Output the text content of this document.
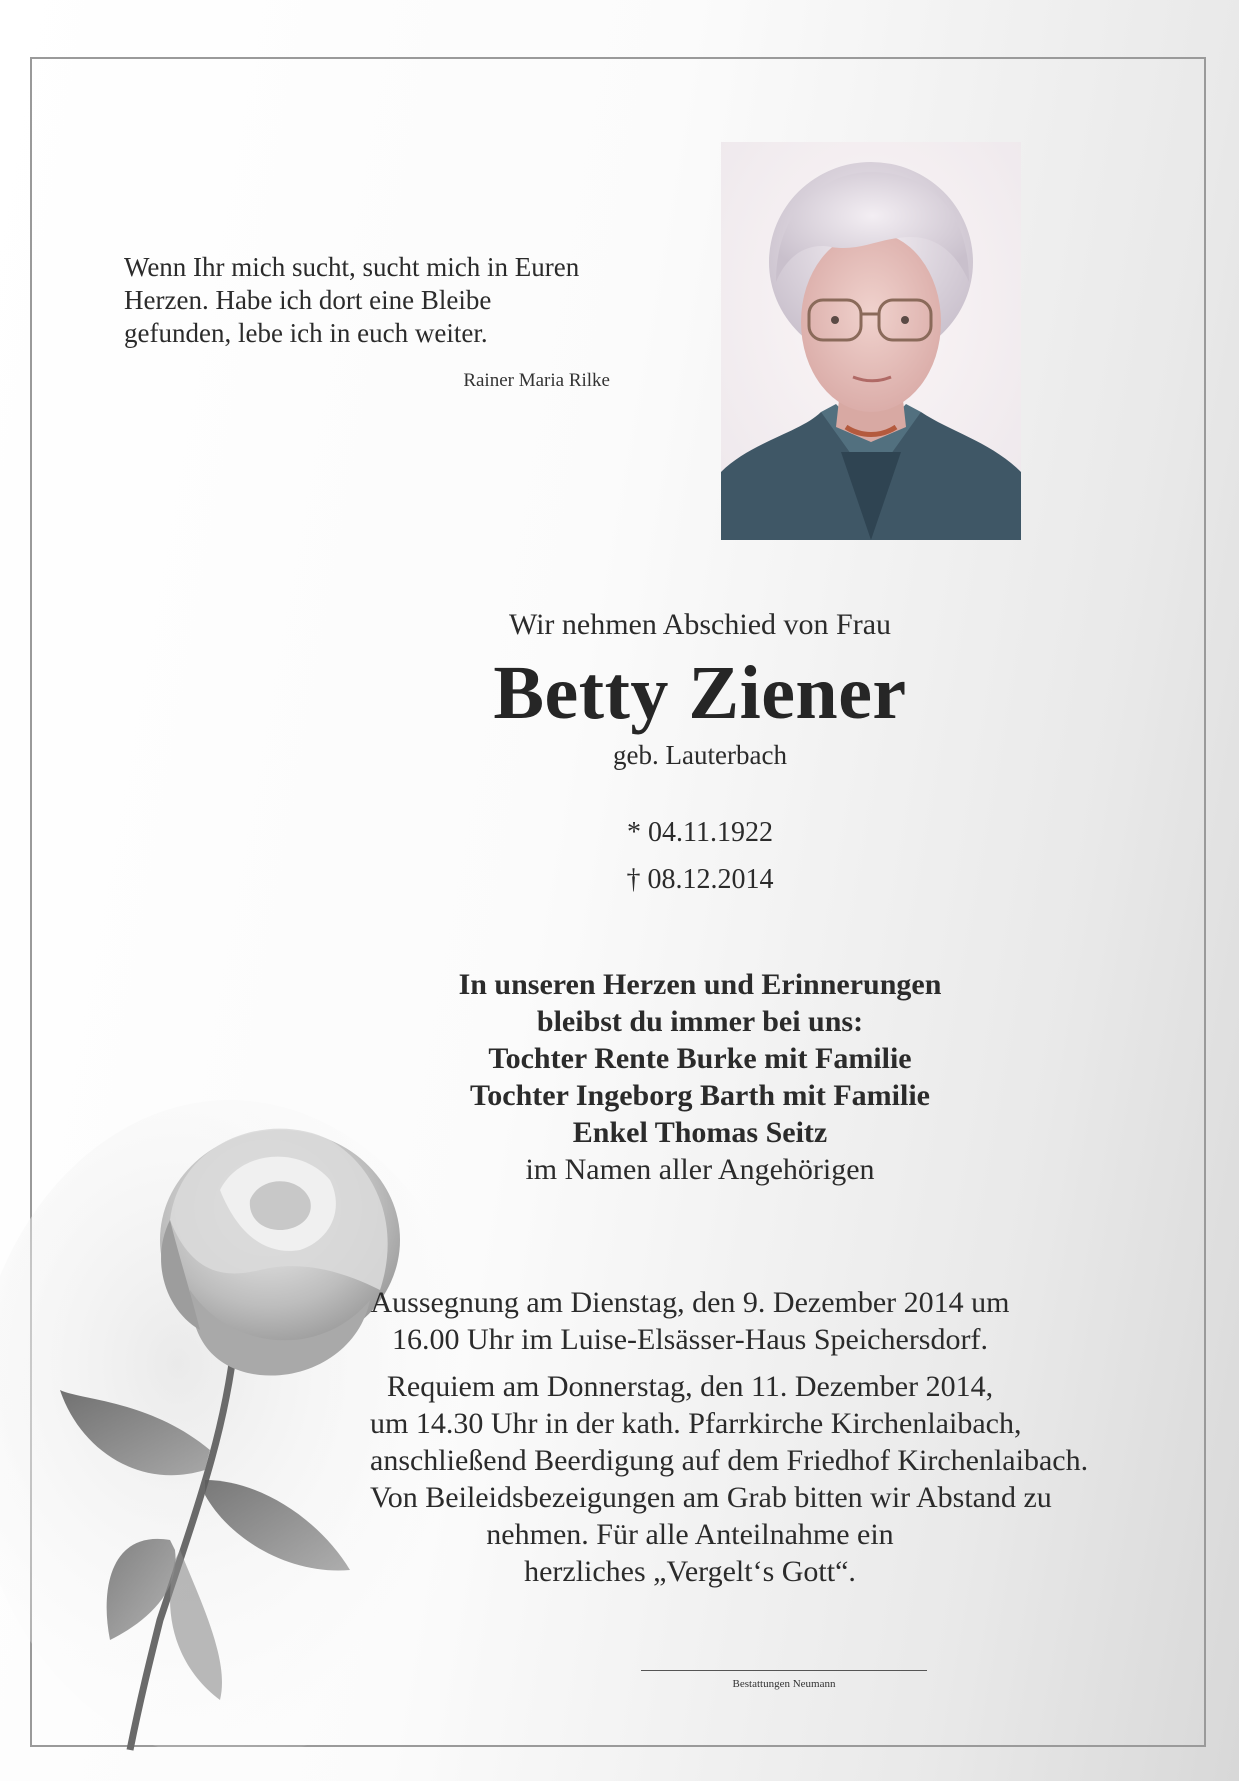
Wenn Ihr mich sucht, sucht mich in Euren
Herzen. Habe ich dort eine Bleibe
gefunden, lebe ich in euch weiter.
Rainer Maria Rilke
Wir nehmen Abschied von Frau
Betty Ziener
geb. Lauterbach
* 04.11.1922
† 08.12.2014
In unseren Herzen und Erinnerungen
bleibst du immer bei uns:
Tochter Rente Burke mit Familie
Tochter Ingeborg Barth mit Familie
Enkel Thomas Seitz
im Namen aller Angehörigen
Aussegnung am Dienstag, den 9. Dezember 2014 um
16.00 Uhr im Luise-Elsässer-Haus Speichersdorf.
Requiem am Donnerstag, den 11. Dezember 2014,
um 14.30 Uhr in der kath. Pfarrkirche Kirchenlaibach,
anschließend Beerdigung auf dem Friedhof Kirchenlaibach.
Von Beileidsbezeigungen am Grab bitten wir Abstand zu
nehmen. Für alle Anteilnahme ein
herzliches „Vergelt‘s Gott“.
Bestattungen Neumann
